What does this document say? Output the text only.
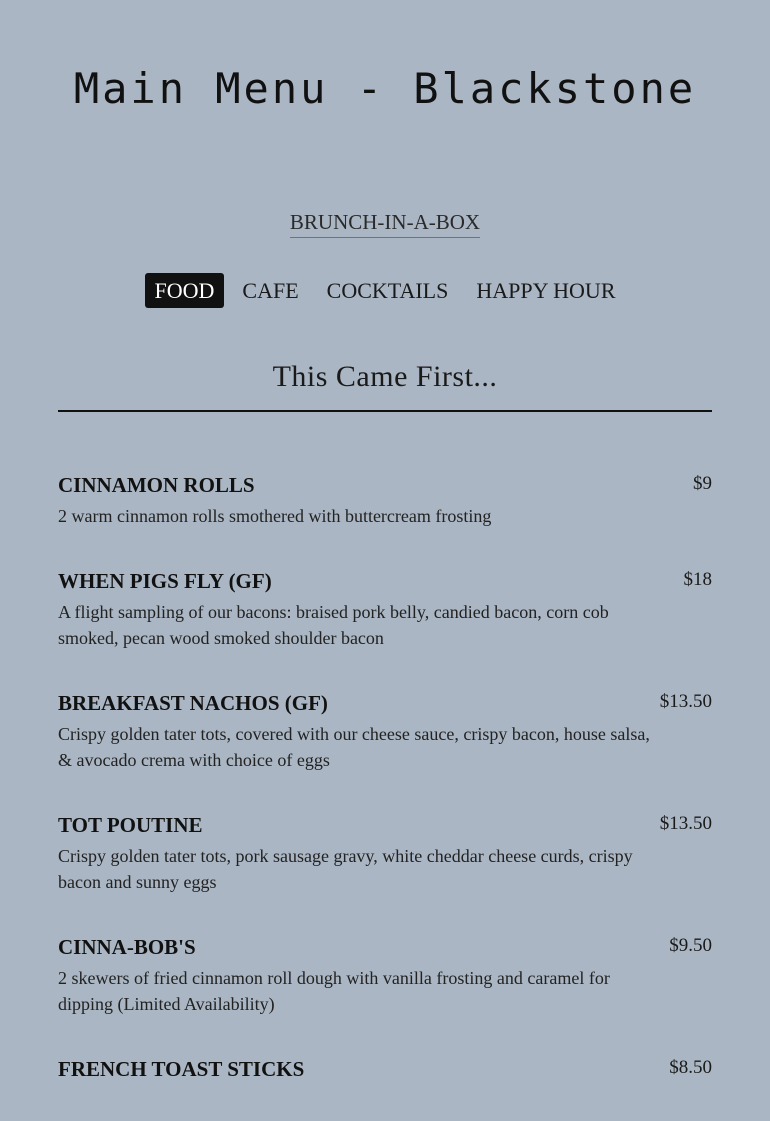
Main Menu - Blackstone
BRUNCH-IN-A-BOX
FOOD	CAFE	COCKTAILS	HAPPY HOUR
This Came First...
CINNAMON ROLLS	$9
2 warm cinnamon rolls smothered with buttercream frosting
WHEN PIGS FLY (GF)	$18
A flight sampling of our bacons: braised pork belly, candied bacon, corn cob smoked, pecan wood smoked shoulder bacon
BREAKFAST NACHOS (GF)	$13.50
Crispy golden tater tots, covered with our cheese sauce, crispy bacon, house salsa, & avocado crema with choice of eggs
TOT POUTINE	$13.50
Crispy golden tater tots, pork sausage gravy, white cheddar cheese curds, crispy bacon and sunny eggs
CINNA-BOB'S	$9.50
2 skewers of fried cinnamon roll dough with vanilla frosting and caramel for dipping (Limited Availability)
FRENCH TOAST STICKS	$8.50
